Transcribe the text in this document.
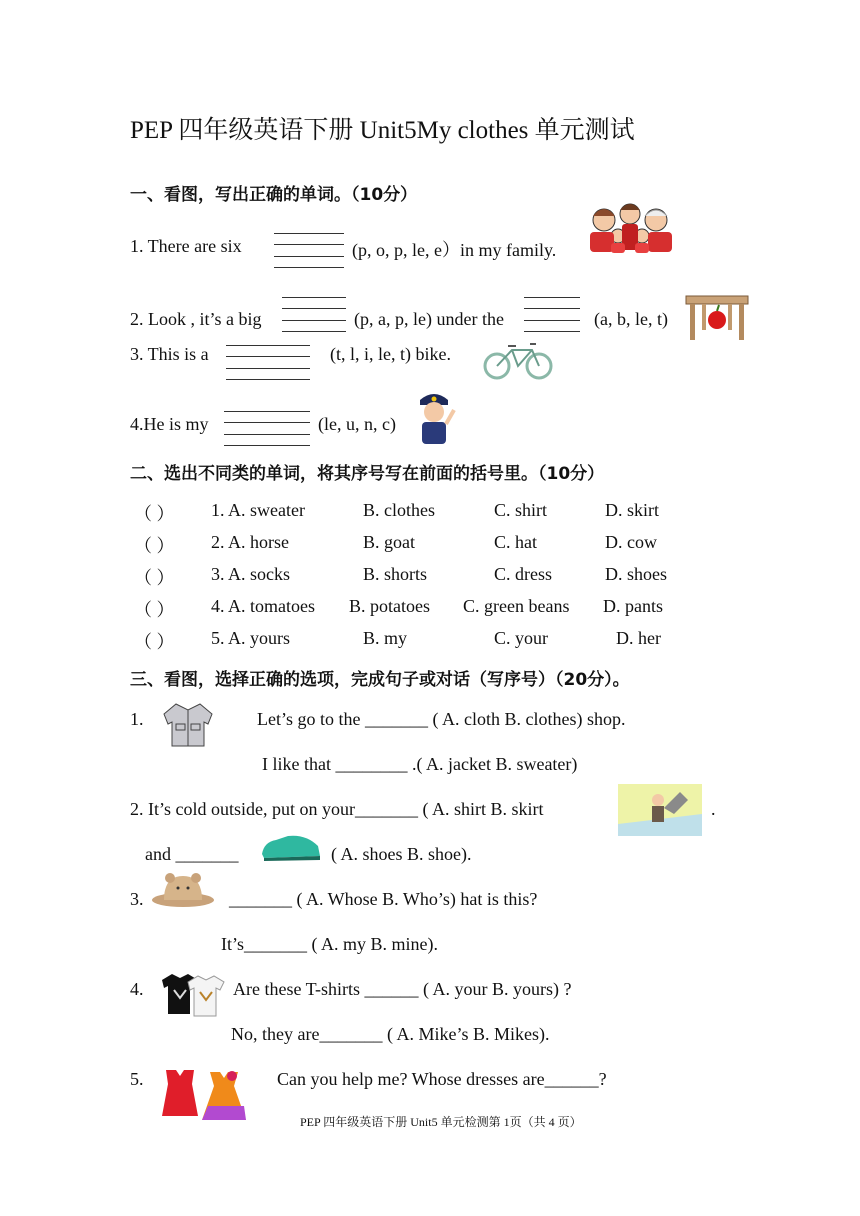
PEP 四年级英语下册 Unit5My clothes 单元测试
一、看图，写出正确的单词。（10分）
1. There are six	(p, o, p, le, e）in my family.
2. Look , it’s a big	(p, a, p, le) under the	(a, b, le, t)
3. This is a	(t, l, i, le, t) bike.
4.He is my	(le, u, n, c)
二、选出不同类的单词，将其序号写在前面的括号里。（10分）
（ ） 1. A. sweater	B. clothes	C. shirt	D. skirt
（ ） 2. A. horse	B. goat	C. hat	D. cow
（ ） 3. A. socks	B. shorts	C. dress	D. shoes
（ ） 4. A. tomatoes B. potatoes C. green beans D. pants
（ ） 5. A. yours	B. my	C. your	D. her
三、看图，选择正确的选项，完成句子或对话（写序号）（20分）。
1.	Let’s go to the _______ ( A. cloth B. clothes) shop.
I like that ________ .( A. jacket B. sweater)
2. It’s cold outside, put on your_______ ( A. shirt B. skirt	.
and _______	( A. shoes B. shoe).
3.	_______ ( A. Whose B. Who’s) hat is this?
It’s_______ ( A. my B. mine).
4.	Are these T-shirts ______ ( A. your B. yours) ?
No, they are_______ ( A. Mike’s B. Mikes).
5.	Can you help me? Whose dresses are______?
PEP 四年级英语下册 Unit5 单元检测第 1页（共 4 页）
